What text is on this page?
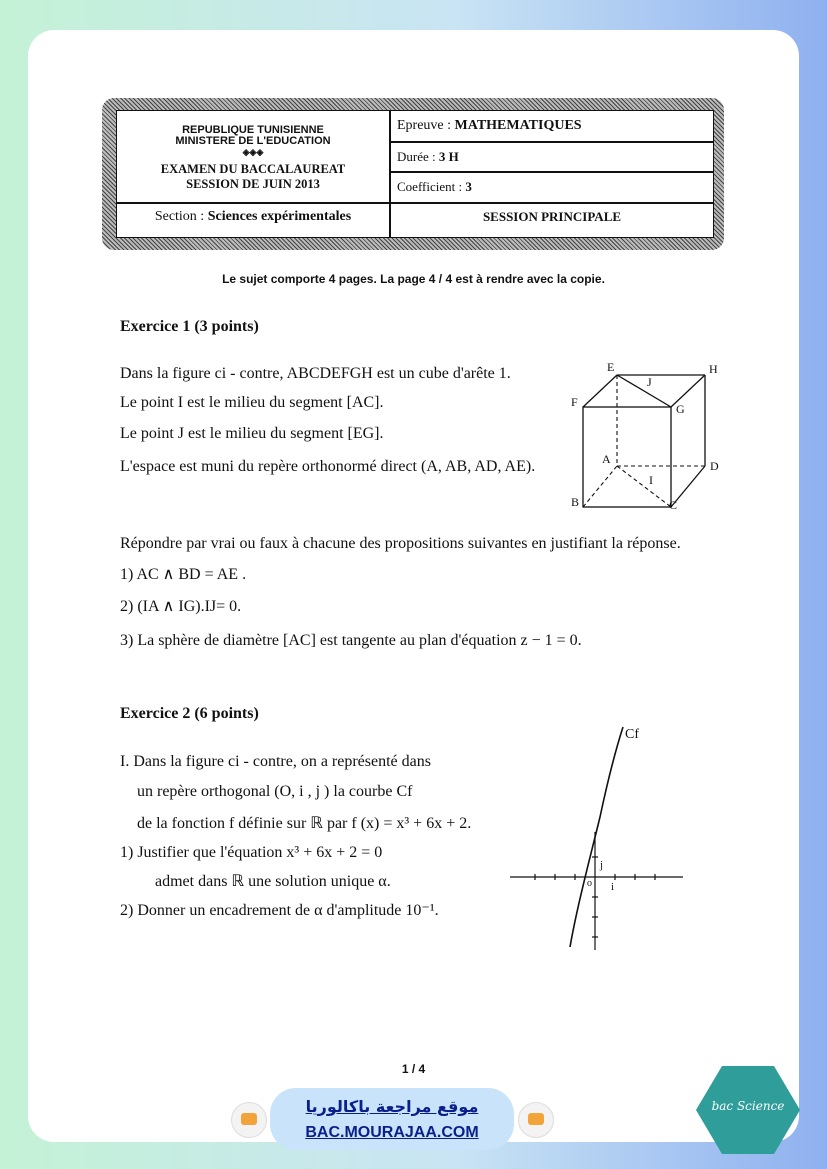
REPUBLIQUE TUNISIENNE
MINISTERE DE L'EDUCATION
◈◈◈
EXAMEN DU BACCALAUREAT
SESSION DE JUIN 2013
Epreuve : MATHEMATIQUES
Durée : 3 H
Coefficient : 3
Section : Sciences expérimentales	SESSION PRINCIPALE
Le sujet comporte 4 pages. La page 4 / 4 est à rendre avec la copie.
Exercice 1 (3 points)
Dans la figure ci - contre, ABCDEFGH est un cube d'arête 1.
Le point I est le milieu du segment [AC].
Le point J est le milieu du segment [EG].
L'espace est muni du repère orthonormé direct (A, AB, AD, AE).
E	H
F	G
J
A	D
I
B	C
Répondre par vrai ou faux à chacune des propositions suivantes en justifiant la réponse.
1) AC ∧ BD = AE .
2) (IA ∧ IG).IJ= 0.
3) La sphère de diamètre [AC] est tangente au plan d'équation z − 1 = 0.
Exercice 2 (6 points)
I. Dans la figure ci - contre, on a représenté dans
un repère orthogonal (O, i , j ) la courbe Cf
de la fonction f définie sur ℝ par f (x) = x³ + 6x + 2.
1) Justifier que l'équation x³ + 6x + 2 = 0
admet dans ℝ une solution unique α.
2) Donner un encadrement de α d'amplitude 10⁻¹.
Cf
o i
j
1 / 4
موقع مراجعة باكالوريا
BAC.MOURAJAA.COM
bac Science
